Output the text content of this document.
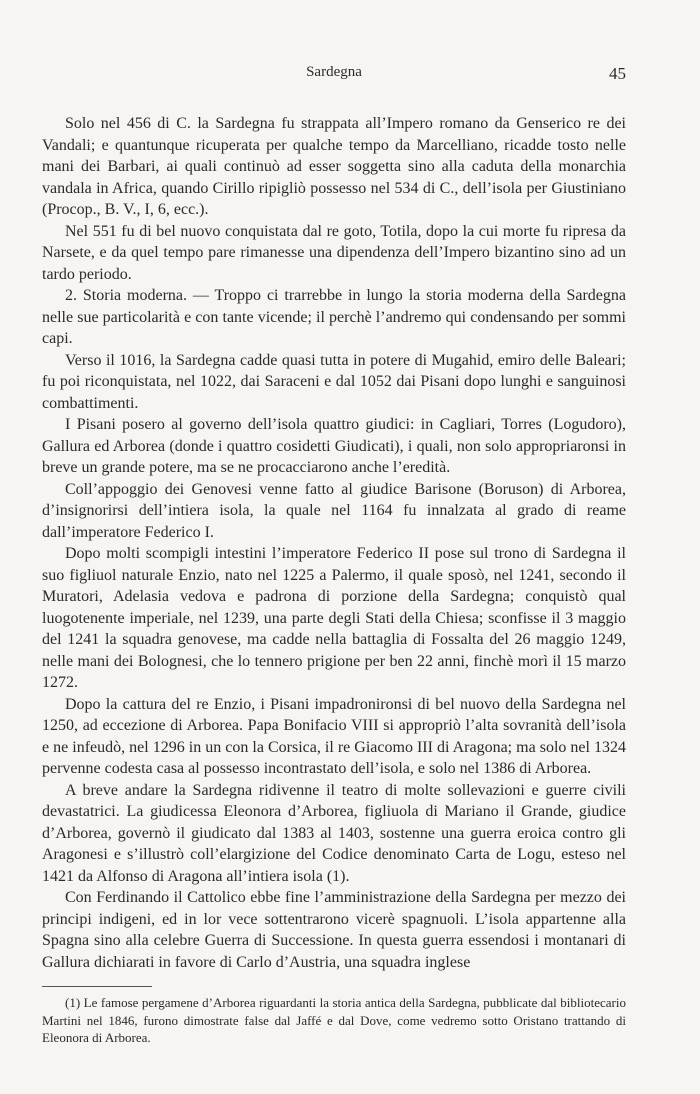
Sardegna	45

Solo nel 456 di C. la Sardegna fu strappata all’Impero romano da Genserico re dei Vandali; e quantunque ricuperata per qualche tempo da Marcelliano, ricadde tosto nelle mani dei Barbari, ai quali continuò ad esser soggetta sino alla caduta della monarchia vandala in Africa, quando Cirillo ripigliò possesso nel 534 di C., dell’isola per Giustiniano (Procop., B. V., I, 6, ecc.).

Nel 551 fu di bel nuovo conquistata dal re goto, Totila, dopo la cui morte fu ripresa da Narsete, e da quel tempo pare rimanesse una dipendenza dell’Impero bizantino sino ad un tardo periodo.

2. Storia moderna. — Troppo ci trarrebbe in lungo la storia moderna della Sardegna nelle sue particolarità e con tante vicende; il perchè l’andremo qui condensando per sommi capi.

Verso il 1016, la Sardegna cadde quasi tutta in potere di Mugahid, emiro delle Baleari; fu poi riconquistata, nel 1022, dai Saraceni e dal 1052 dai Pisani dopo lunghi e sanguinosi combattimenti.

I Pisani posero al governo dell’isola quattro giudici: in Cagliari, Torres (Logudoro), Gallura ed Arborea (donde i quattro cosidetti Giudicati), i quali, non solo appropriaronsi in breve un grande potere, ma se ne procacciarono anche l’eredità.

Coll’appoggio dei Genovesi venne fatto al giudice Barisone (Boruson) di Arborea, d’insignorirsi dell’intiera isola, la quale nel 1164 fu innalzata al grado di reame dall’imperatore Federico I.

Dopo molti scompigli intestini l’imperatore Federico II pose sul trono di Sardegna il suo figliuol naturale Enzio, nato nel 1225 a Palermo, il quale sposò, nel 1241, secondo il Muratori, Adelasia vedova e padrona di porzione della Sardegna; conquistò qual luogotenente imperiale, nel 1239, una parte degli Stati della Chiesa; sconfisse il 3 maggio del 1241 la squadra genovese, ma cadde nella battaglia di Fossalta del 26 maggio 1249, nelle mani dei Bolognesi, che lo tennero prigione per ben 22 anni, finchè morì il 15 marzo 1272.

Dopo la cattura del re Enzio, i Pisani impadronironsi di bel nuovo della Sardegna nel 1250, ad eccezione di Arborea. Papa Bonifacio VIII si appropriò l’alta sovranità dell’isola e ne infeudò, nel 1296 in un con la Corsica, il re Giacomo III di Aragona; ma solo nel 1324 pervenne codesta casa al possesso incontrastato dell’isola, e solo nel 1386 di Arborea.

A breve andare la Sardegna ridivenne il teatro di molte sollevazioni e guerre civili devastatrici. La giudicessa Eleonora d’Arborea, figliuola di Mariano il Grande, giudice d’Arborea, governò il giudicato dal 1383 al 1403, sostenne una guerra eroica contro gli Aragonesi e s’illustrò coll’elargizione del Codice denominato Carta de Logu, esteso nel 1421 da Alfonso di Aragona all’intiera isola (1).

Con Ferdinando il Cattolico ebbe fine l’amministrazione della Sardegna per mezzo dei principi indigeni, ed in lor vece sottentrarono vicerè spagnuoli. L’isola appartenne alla Spagna sino alla celebre Guerra di Successione. In questa guerra essendosi i montanari di Gallura dichiarati in favore di Carlo d’Austria, una squadra inglese

(1) Le famose pergamene d’Arborea riguardanti la storia antica della Sardegna, pubblicate dal bibliotecario Martini nel 1846, furono dimostrate false dal Jaffé e dal Dove, come vedremo sotto Oristano trattando di Eleonora di Arborea.
